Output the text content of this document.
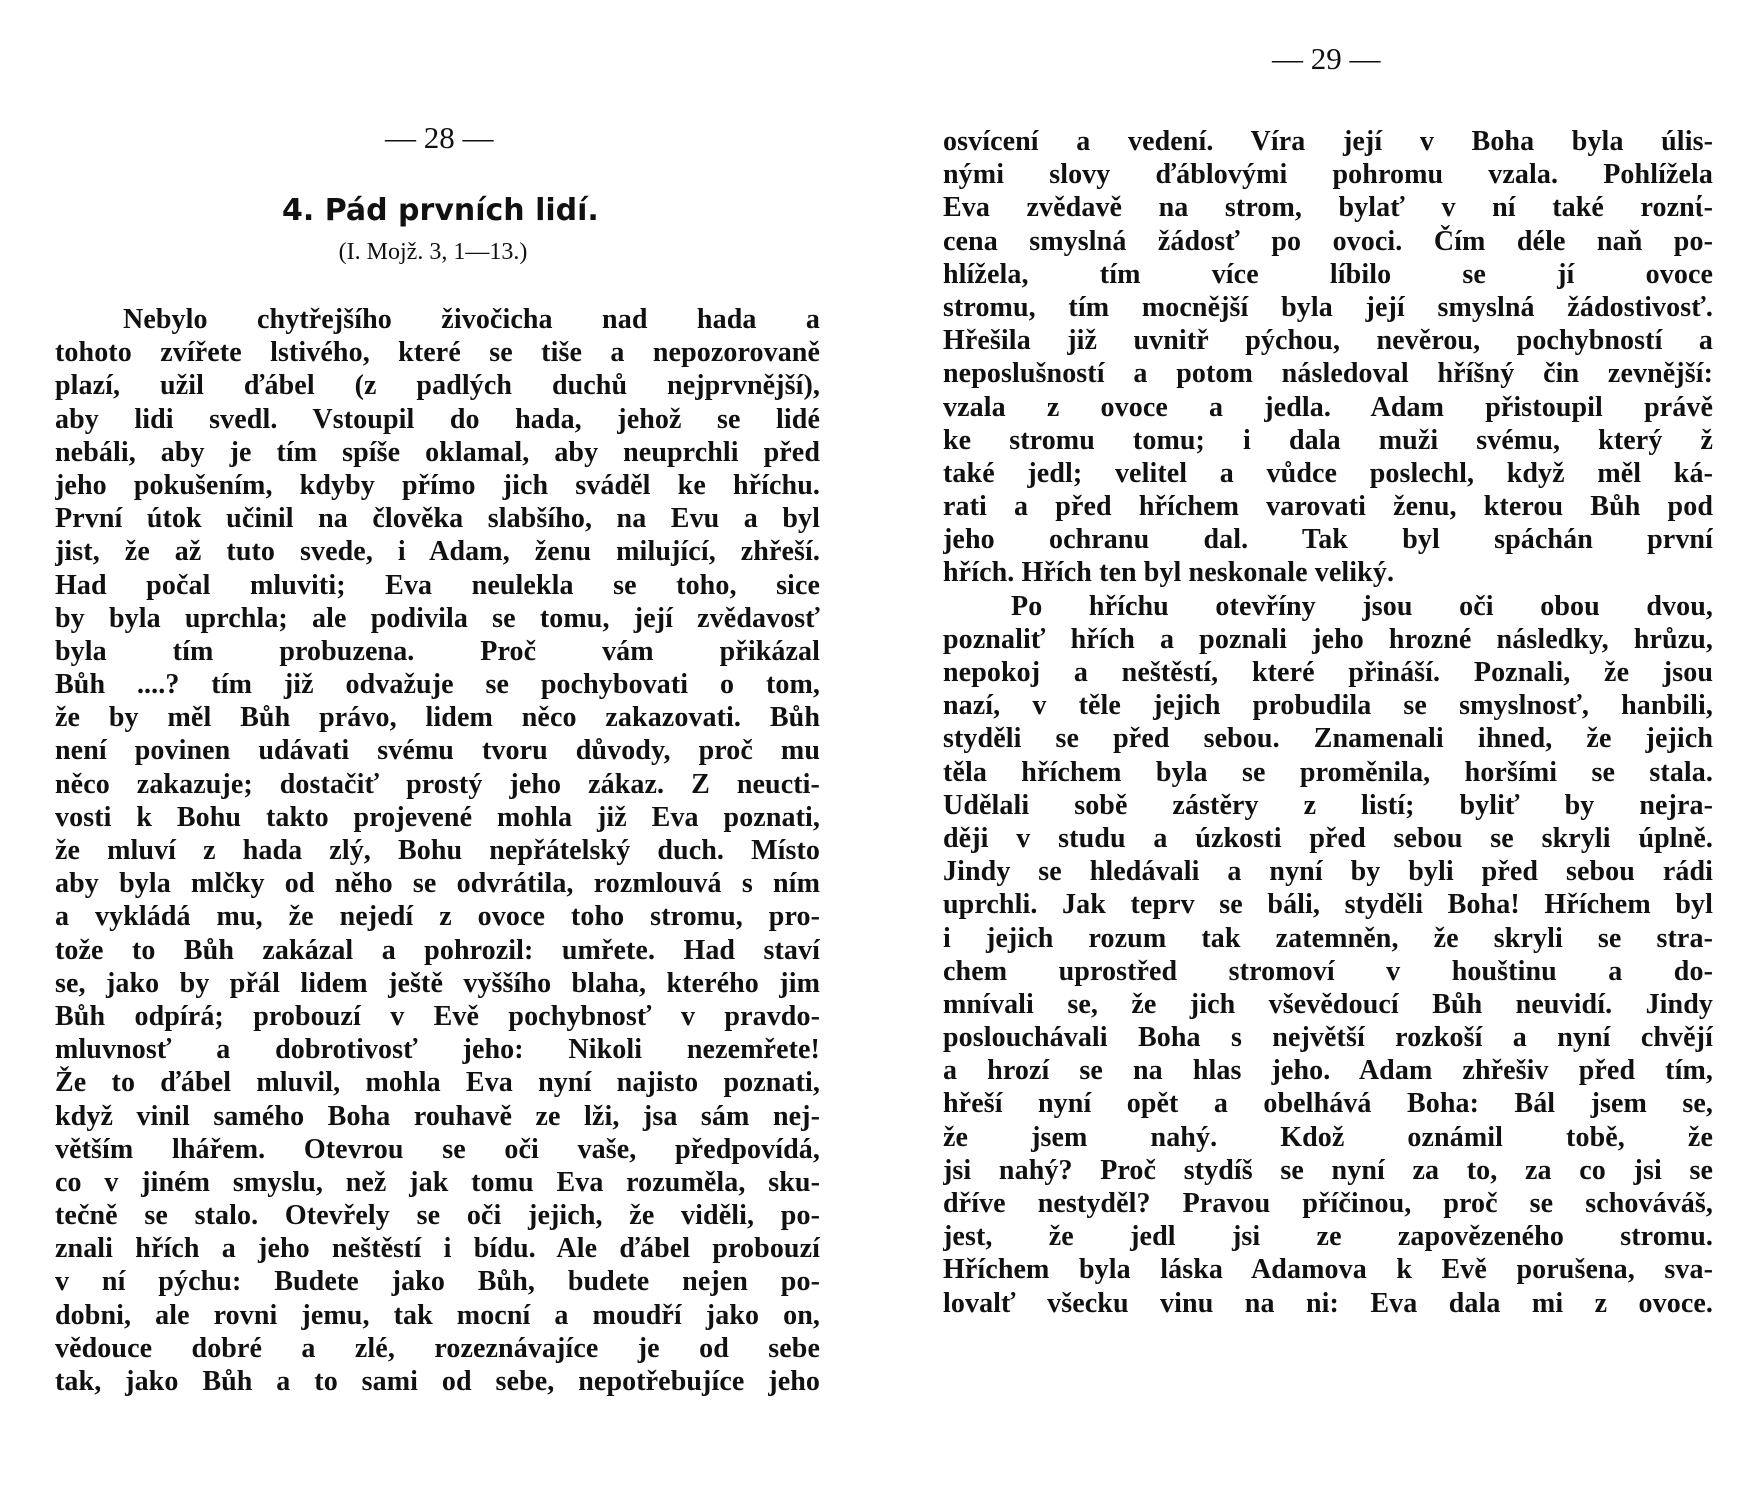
— 28 —
4. Pád prvních lidí.
(I. Mojž. 3, 1—13.)
Nebylo chytřejšího živočicha nad hada a
tohoto zvířete lstivého, které se tiše a nepozorovaně
plazí, užil ďábel (z padlých duchů nejprvnější),
aby lidi svedl. Vstoupil do hada, jehož se lidé
nebáli, aby je tím spíše oklamal, aby neuprchli před
jeho pokušením, kdyby přímo jich sváděl ke hříchu.
První útok učinil na člověka slabšího, na Evu a byl
jist, že až tuto svede, i Adam, ženu milující, zhřeší.
Had počal mluviti; Eva neulekla se toho, sice
by byla uprchla; ale podivila se tomu, její zvědavosť
byla tím probuzena. Proč vám přikázal
Bůh ....? tím již odvažuje se pochybovati o tom,
že by měl Bůh právo, lidem něco zakazovati. Bůh
není povinen udávati svému tvoru důvody, proč mu
něco zakazuje; dostačiť prostý jeho zákaz. Z neucti-
vosti k Bohu takto projevené mohla již Eva poznati,
že mluví z hada zlý, Bohu nepřátelský duch. Místo
aby byla mlčky od něho se odvrátila, rozmlouvá s ním
a vykládá mu, že nejedí z ovoce toho stromu, pro-
tože to Bůh zakázal a pohrozil: umřete. Had staví
se, jako by přál lidem ještě vyššího blaha, kterého jim
Bůh odpírá; probouzí v Evě pochybnosť v pravdo-
mluvnosť a dobrotivosť jeho: Nikoli nezemřete!
Že to ďábel mluvil, mohla Eva nyní najisto poznati,
když vinil samého Boha rouhavě ze lži, jsa sám nej-
větším lhářem. Otevrou se oči vaše, předpovídá,
co v jiném smyslu, než jak tomu Eva rozuměla, sku-
tečně se stalo. Otevřely se oči jejich, že viděli, po-
znali hřích a jeho neštěstí i bídu. Ale ďábel probouzí
v ní pýchu: Budete jako Bůh, budete nejen po-
dobni, ale rovni jemu, tak mocní a moudří jako on,
vědouce dobré a zlé, rozeznávajíce je od sebe
tak, jako Bůh a to sami od sebe, nepotřebujíce jeho
— 29 —
osvícení a vedení. Víra její v Boha byla úlis-
nými slovy ďáblovými pohromu vzala. Pohlížela
Eva zvědavě na strom, bylať v ní také roznί-
cena smyslná žádosť po ovoci. Čím déle naň po-
hlížela, tím více líbilo se jí ovoce
stromu, tím mocnější byla její smyslná žádostivosť.
Hřešila již uvnitř pýchou, nevěrou, pochybností a
neposlušností a potom následoval hříšný čin zevnější:
vzala z ovoce a jedla. Adam přistoupil právě
ke stromu tomu; i dala muži svému, který ž
také jedl; velitel a vůdce poslechl, když měl ká-
rati a před hříchem varovati ženu, kterou Bůh pod
jeho ochranu dal. Tak byl spáchán první
hřích. Hřích ten byl neskonale veliký.
Po hříchu otevříny jsou oči obou dvou,
poznaliť hřích a poznali jeho hrozné následky, hrůzu,
nepokoj a neštěstí, které přináší. Poznali, že jsou
nazí, v těle jejich probudila se smyslnosť, hanbili,
styděli se před sebou. Znamenali ihned, že jejich
těla hříchem byla se proměnila, horšími se stala.
Udělali sobě zástěry z listí; byliť by nejra-
ději v studu a úzkosti před sebou se skryli úplně.
Jindy se hledávali a nyní by byli před sebou rádi
uprchli. Jak teprv se báli, styděli Boha! Hříchem byl
i jejich rozum tak zatemněn, že skryli se stra-
chem uprostřed stromoví v houštinu a do-
mnívali se, že jich vševědoucí Bůh neuvidí. Jindy
poslouchávali Boha s největší rozkoší a nyní chvějí
a hrozí se na hlas jeho. Adam zhřešiv před tím,
hřeší nyní opět a obelhává Boha: Bál jsem se,
že jsem nahý. Kdož oznámil tobě, že
jsi nahý? Proč stydíš se nyní za to, za co jsi se
dříve nestyděl? Pravou příčinou, proč se schováváš,
jest, že jedl jsi ze zapovězeného stromu.
Hříchem byla láska Adamova k Evě porušena, sva-
lovalť všecku vinu na ni: Eva dala mi z ovoce.
